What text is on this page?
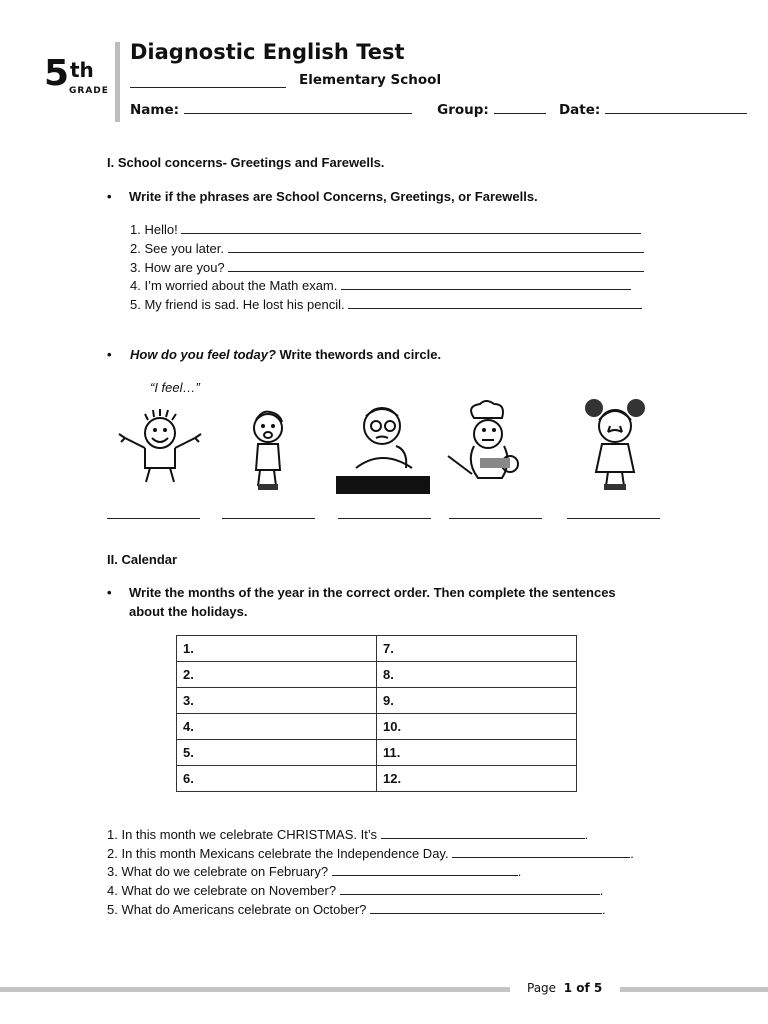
5 th
GRADE
Diagnostic English Test
Elementary School
Name:	Group:	Date:
I. School concerns- Greetings and Farewells.
• Write if the phrases are School Concerns, Greetings, or Farewells.
1. Hello!
2. See you later.
3. How are you?
4. I’m worried about the Math exam.
5. My friend is sad. He lost his pencil.
• How do you feel today? Write thewords and circle.
“I feel…”
II. Calendar
• Write the months of the year in the correct order. Then complete the sentences
about the holidays.
1.	7.
2.	8.
3.	9.
4.	10.
5.	11.
6.	12.
1. In this month we celebrate CHRISTMAS. It’s	.
2. In this month Mexicans celebrate the Independence Day.	.
3. What do we celebrate on February?	.
4. What do we celebrate on November?	.
5. What do Americans celebrate on October?	.
Page 1 of 5
